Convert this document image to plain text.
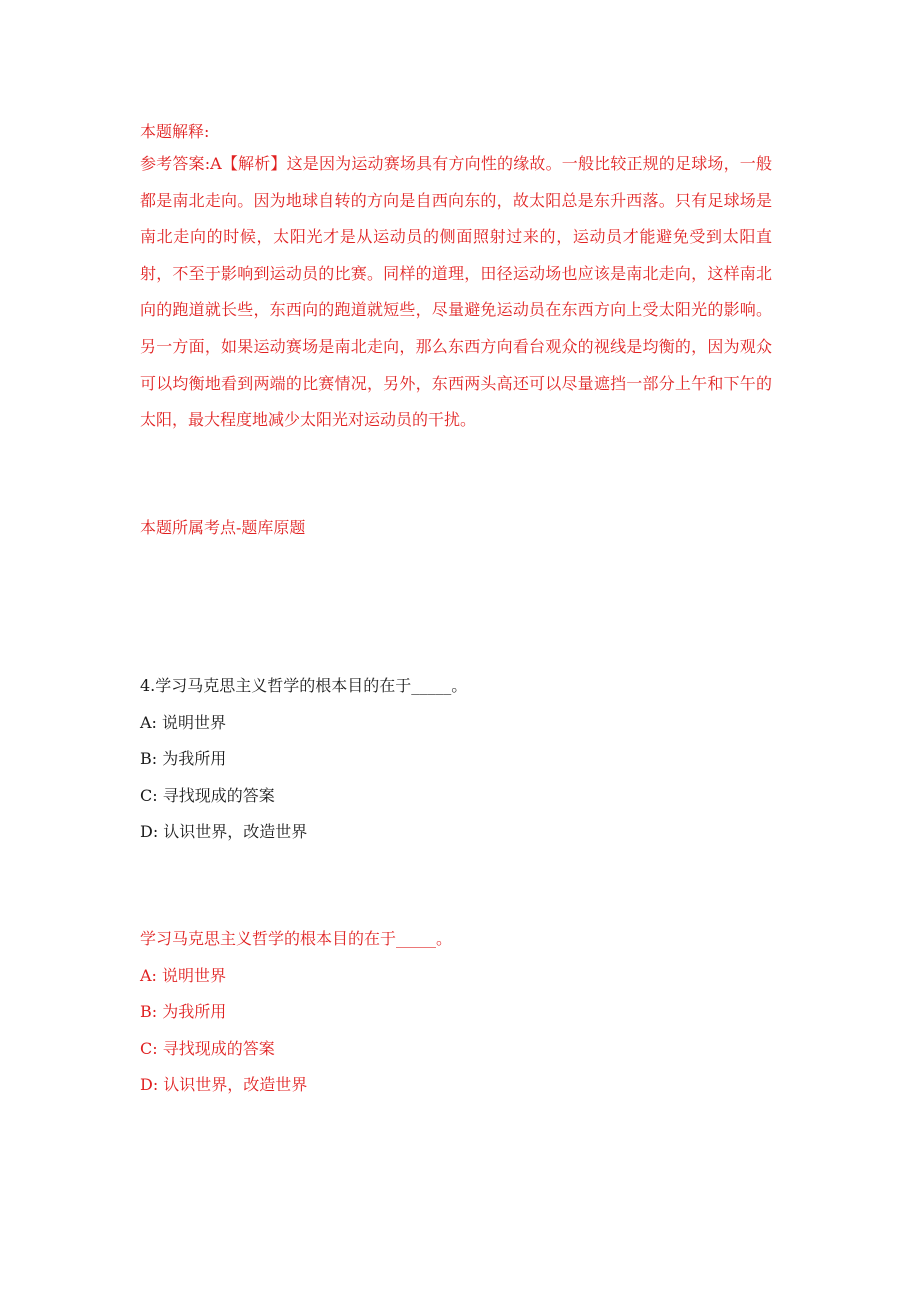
本题解释:

参考答案:A【解析】这是因为运动赛场具有方向性的缘故。一般比较正规的足球场，一般都是南北走向。因为地球自转的方向是自西向东的，故太阳总是东升西落。只有足球场是南北走向的时候，太阳光才是从运动员的侧面照射过来的，运动员才能避免受到太阳直射，不至于影响到运动员的比赛。同样的道理，田径运动场也应该是南北走向，这样南北向的跑道就长些，东西向的跑道就短些，尽量避免运动员在东西方向上受太阳光的影响。另一方面，如果运动赛场是南北走向，那么东西方向看台观众的视线是均衡的，因为观众可以均衡地看到两端的比赛情况，另外，东西两头高还可以尽量遮挡一部分上午和下午的太阳，最大程度地减少太阳光对运动员的干扰。

本题所属考点-题库原题
4.学习马克思主义哲学的根本目的在于_____。
A: 说明世界
B: 为我所用
C: 寻找现成的答案
D: 认识世界，改造世界
学习马克思主义哲学的根本目的在于_____。
A: 说明世界
B: 为我所用
C: 寻找现成的答案
D: 认识世界，改造世界
